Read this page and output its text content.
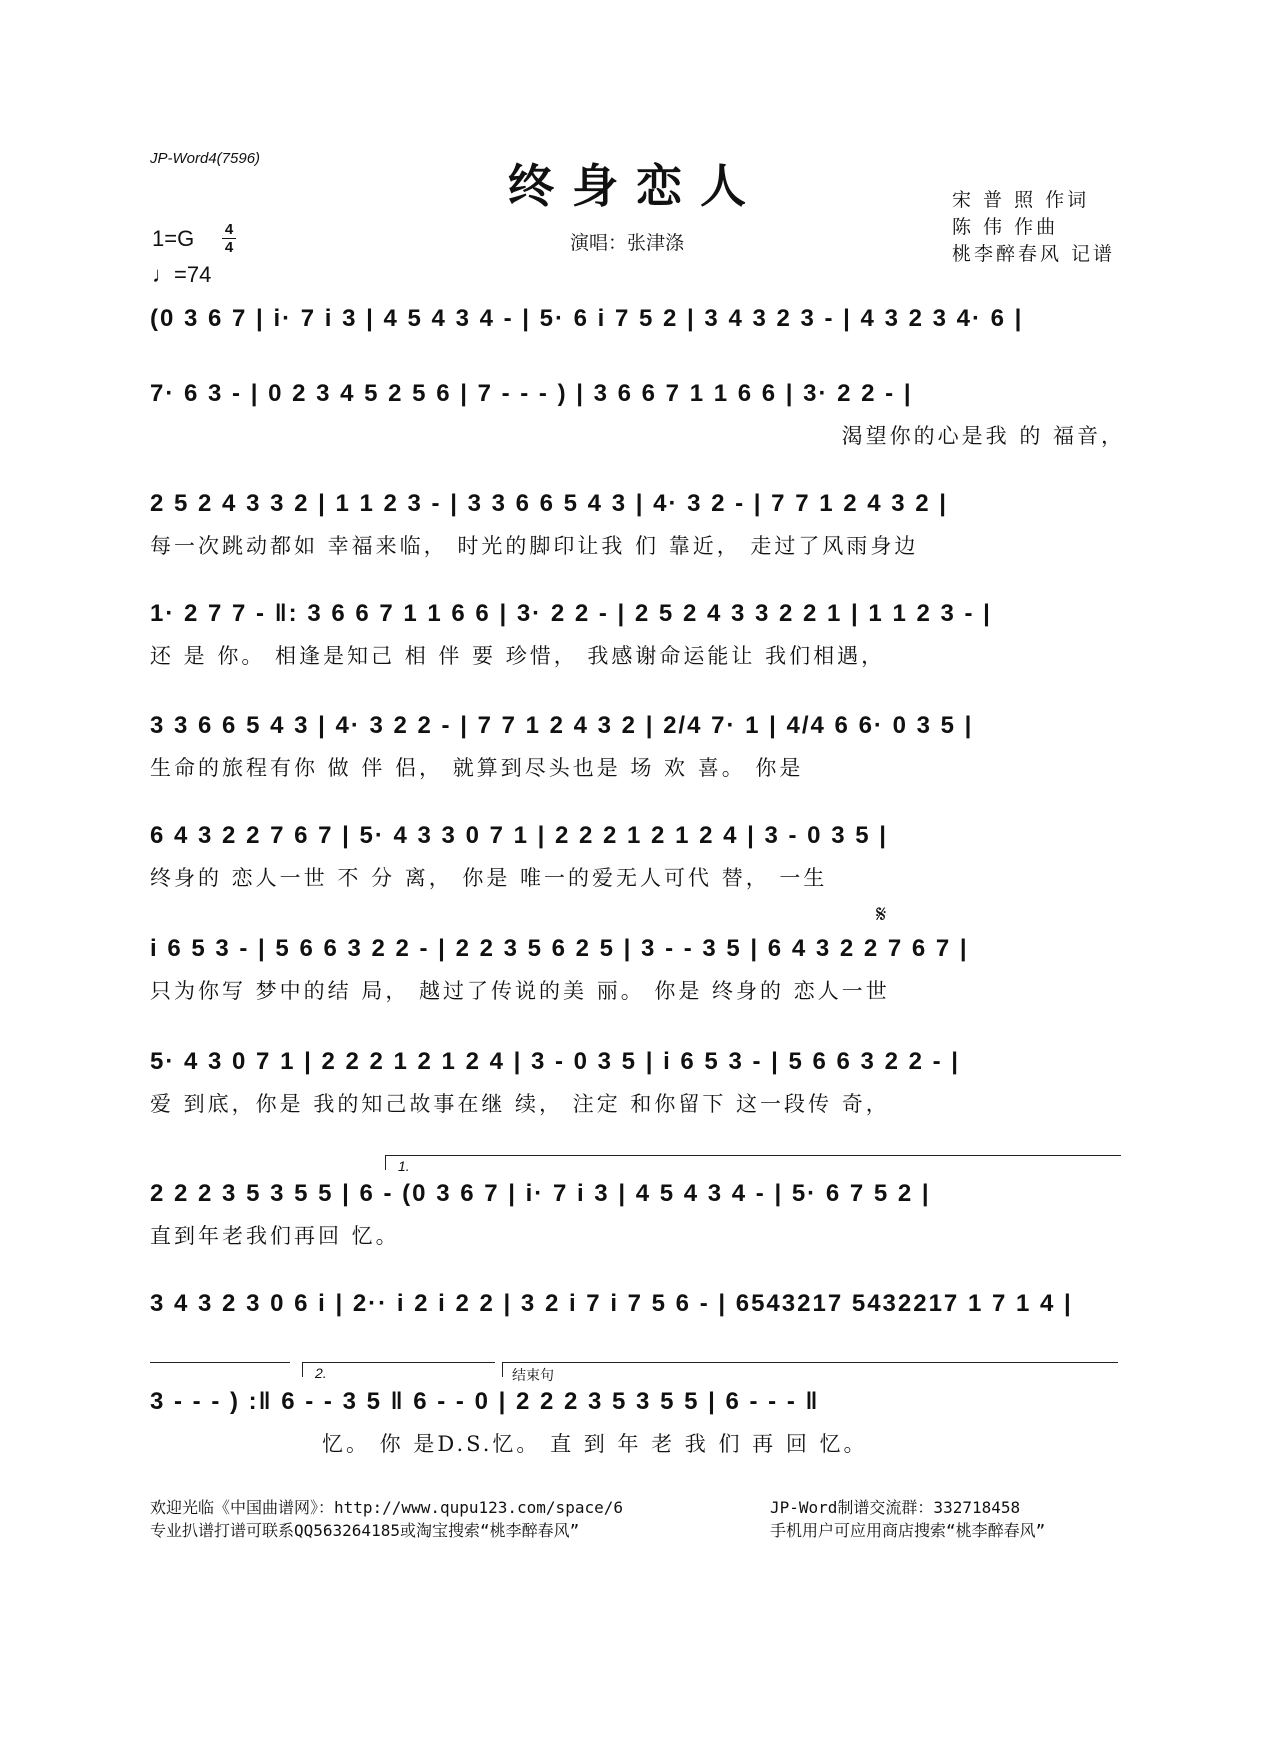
JP-Word4(7596)
终身恋人
演唱：张津涤
宋 普 照 作词
陈 伟 作曲
桃李醉春风 记谱
1=G 4
4
♩=74
(0 3 6 7 | i· 7 i 3 | 4 5 4 3 4 - | 5· 6 i 7 5 2 | 3 4 3 2 3 - | 4 3 2 3 4· 6 |
7· 6 3 - | 0 2 3 4 5 2 5 6 | 7 - - - ) | 3 6 6 7 1 1 6 6 | 3· 2 2 - |
渴望你的心是我 的 福音，
2 5 2 4 3 3 2 | 1 1 2 3 - | 3 3 6 6 5 4 3 | 4· 3 2 - | 7 7 1 2 4 3 2 |
每一次跳动都如 幸福来临， 时光的脚印让我 们 靠近， 走过了风雨身边
1· 2 7 7 - ‖: 3 6 6 7 1 1 6 6 | 3· 2 2 - | 2 5 2 4 3 3 2 2 1 | 1 1 2 3 - |
还 是 你。 相逢是知己 相 伴 要 珍惜， 我感谢命运能让 我们相遇，
3 3 6 6 5 4 3 | 4· 3 2 2 - | 7 7 1 2 4 3 2 | 2/4 7· 1 | 4/4 6 6· 0 3 5 |
生命的旅程有你 做 伴 侣， 就算到尽头也是 场 欢 喜。 你是
6 4 3 2 2 7 6 7 | 5· 4 3 3 0 7 1 | 2 2 2 1 2 1 2 4 | 3 - 0 3 5 |
终身的 恋人一世 不 分 离， 你是 唯一的爱无人可代 替， 一生
𝄋
i 6 5 3 - | 5 6 6 3 2 2 - | 2 2 3 5 6 2 5 | 3 - - 3 5 | 6 4 3 2 2 7 6 7 |
只为你写 梦中的结 局， 越过了传说的美 丽。 你是 终身的 恋人一世
5· 4 3 0 7 1 | 2 2 2 1 2 1 2 4 | 3 - 0 3 5 | i 6 5 3 - | 5 6 6 3 2 2 - |
爱 到底，你是 我的知己故事在继 续， 注定 和你留下 这一段传 奇，
1.
2 2 2 3 5 3 5 5 | 6 - (0 3 6 7 | i· 7 i 3 | 4 5 4 3 4 - | 5· 6 7 5 2 |
直到年老我们再回 忆。
3 4 3 2 3 0 6 i | 2·· i 2 i 2 2 | 3 2 i 7 i 7 5 6 - | 6543217 5432217 1 7 1 4 |
2.	结束句
3 - - - ) :‖ 6 - - 3 5 ‖ 6 - - 0 | 2 2 2 3 5 3 5 5 | 6 - - - ‖
忆。 你 是D.S.忆。 直 到 年 老 我 们 再 回 忆。
欢迎光临《中国曲谱网》：http://www.qupu123.com/space/6
专业扒谱打谱可联系QQ563264185或淘宝搜索“桃李醉春风”
JP-Word制谱交流群：332718458
手机用户可应用商店搜索“桃李醉春风”
